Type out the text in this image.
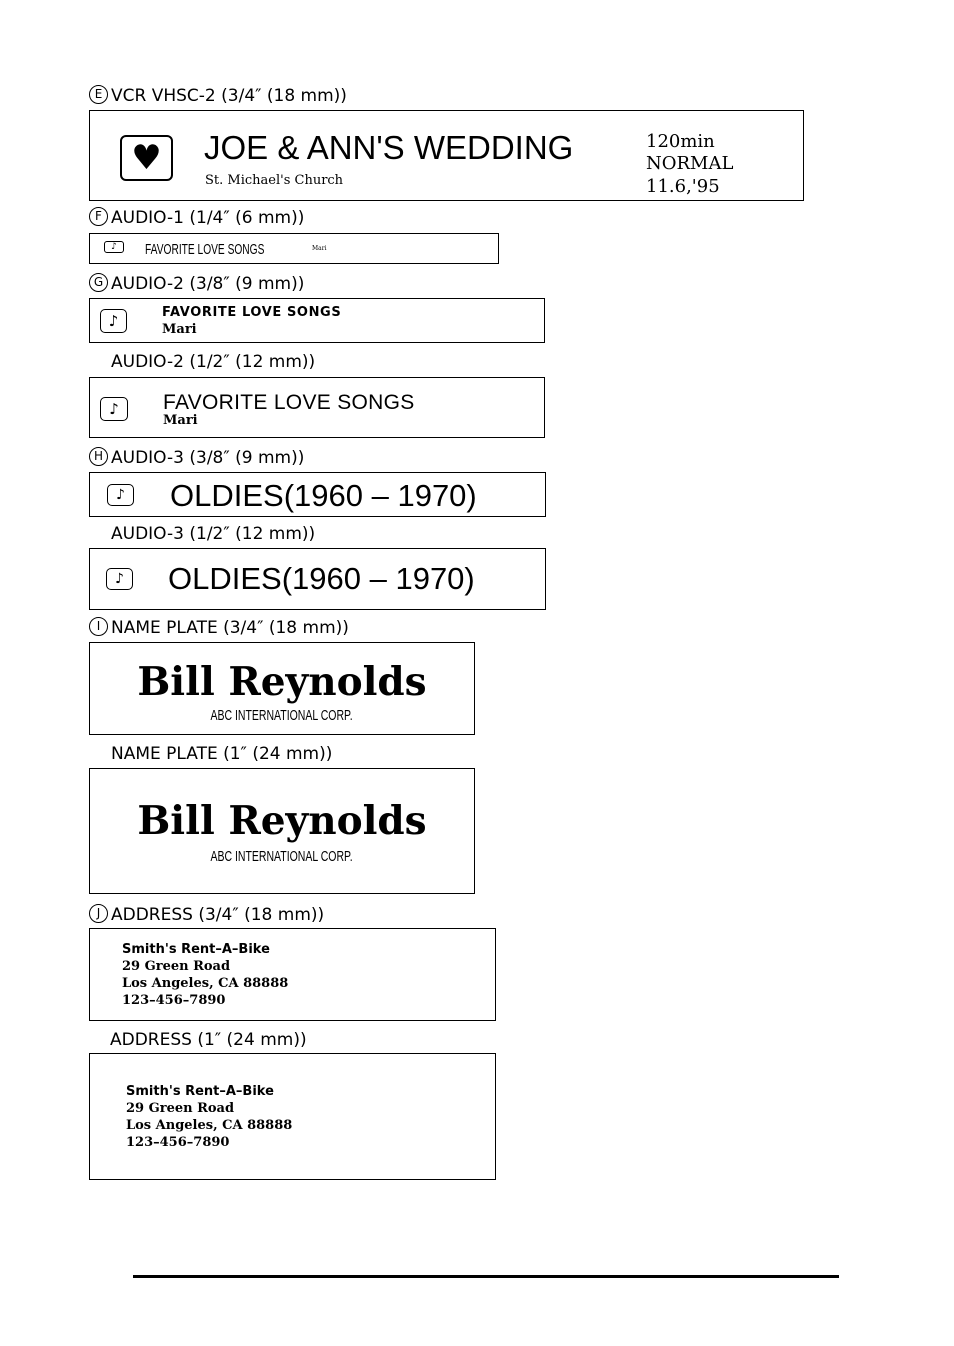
E VCR VHSC-2 (3/4″ (18 mm))
♥ JOE & ANN'S WEDDING
St. Michael's Church
120min
NORMAL
11.6,'95
F AUDIO-1 (1/4″ (6 mm))
♪ FAVORITE LOVE SONGS	Mari
G AUDIO-2 (3/8″ (9 mm))
♪	FAVORITE LOVE SONGS
Mari
AUDIO-2 (1/2″ (12 mm))
♪ FAVORITE LOVE SONGS
Mari
H AUDIO-3 (3/8″ (9 mm))
♪ OLDIES(1960 – 1970)
AUDIO-3 (1/2″ (12 mm))
♪ OLDIES(1960 – 1970)
I NAME PLATE (3/4″ (18 mm))
Bill Reynolds
ABC INTERNATIONAL CORP.
NAME PLATE (1″ (24 mm))
Bill Reynolds
ABC INTERNATIONAL CORP.
J ADDRESS (3/4″ (18 mm))
Smith's Rent–A–Bike
29 Green Road
Los Angeles, CA 88888
123–456–7890
ADDRESS (1″ (24 mm))
Smith's Rent–A–Bike
29 Green Road
Los Angeles, CA 88888
123–456–7890
